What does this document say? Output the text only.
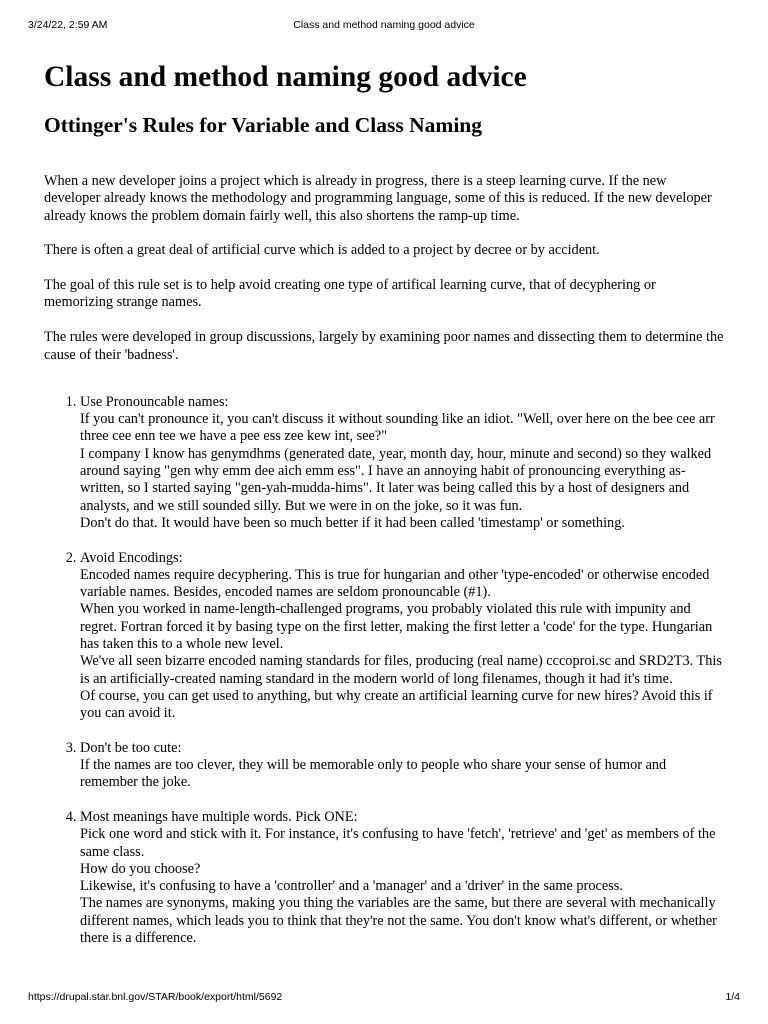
3/24/22, 2:59 AM	Class and method naming good advice
Class and method naming good advice
Ottinger's Rules for Variable and Class Naming

When a new developer joins a project which is already in progress, there is a steep learning curve. If the new developer already knows the methodology and programming language, some of this is reduced. If the new developer already knows the problem domain fairly well, this also shortens the ramp-up time.

There is often a great deal of artificial curve which is added to a project by decree or by accident.

The goal of this rule set is to help avoid creating one type of artifical learning curve, that of decyphering or memorizing strange names.

The rules were developed in group discussions, largely by examining poor names and dissecting them to determine the cause of their 'badness'.

1. Use Pronouncable names:
If you can't pronounce it, you can't discuss it without sounding like an idiot. "Well, over here on the bee cee arr three cee enn tee we have a pee ess zee kew int, see?"
I company I know has genymdhms (generated date, year, month day, hour, minute and second) so they walked around saying "gen why emm dee aich emm ess". I have an annoying habit of pronouncing everything as-written, so I started saying "gen-yah-mudda-hims". It later was being called this by a host of designers and analysts, and we still sounded silly. But we were in on the joke, so it was fun.
Don't do that. It would have been so much better if it had been called 'timestamp' or something.
2. Avoid Encodings:
Encoded names require decyphering. This is true for hungarian and other 'type-encoded' or otherwise encoded variable names. Besides, encoded names are seldom pronouncable (#1).
When you worked in name-length-challenged programs, you probably violated this rule with impunity and regret. Fortran forced it by basing type on the first letter, making the first letter a 'code' for the type. Hungarian has taken this to a whole new level.
We've all seen bizarre encoded naming standards for files, producing (real name) cccoproi.sc and SRD2T3. This is an artificially-created naming standard in the modern world of long filenames, though it had it's time.
Of course, you can get used to anything, but why create an artificial learning curve for new hires? Avoid this if you can avoid it.
3. Don't be too cute:
If the names are too clever, they will be memorable only to people who share your sense of humor and remember the joke.
4. Most meanings have multiple words. Pick ONE:
Pick one word and stick with it. For instance, it's confusing to have 'fetch', 'retrieve' and 'get' as members of the same class.
How do you choose?
Likewise, it's confusing to have a 'controller' and a 'manager' and a 'driver' in the same process.
The names are synonyms, making you thing the variables are the same, but there are several with mechanically different names, which leads you to think that they're not the same. You don't know what's different, or whether there is a difference.
https://drupal.star.bnl.gov/STAR/book/export/html/5692	1/4
